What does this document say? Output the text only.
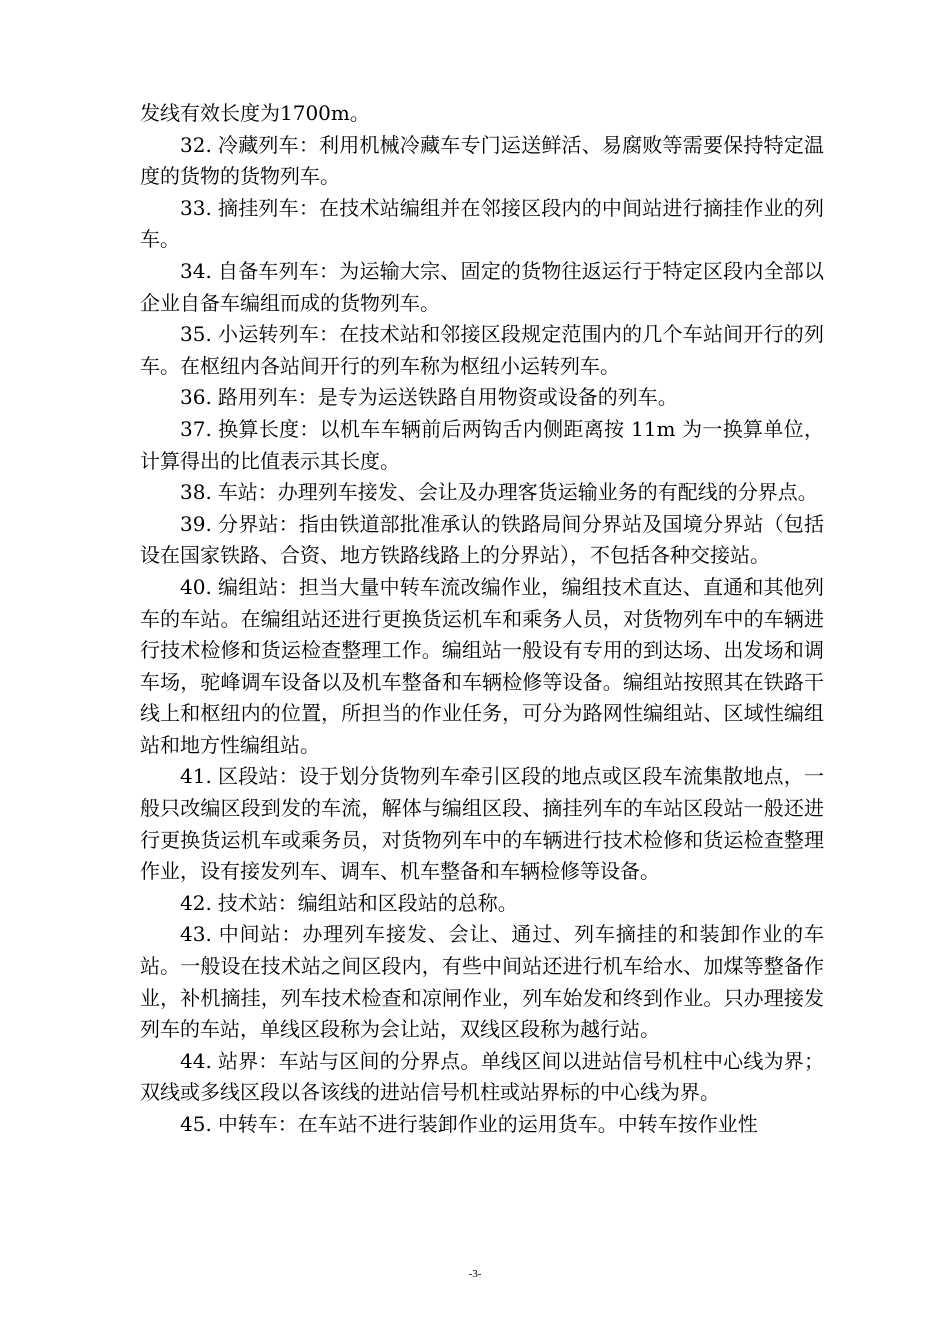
发线有效长度为1700m。

32. 冷藏列车：利用机械冷藏车专门运送鲜活、易腐败等需要保持特定温度的货物的货物列车。

33. 摘挂列车：在技术站编组并在邻接区段内的中间站进行摘挂作业的列车。

34. 自备车列车：为运输大宗、固定的货物往返运行于特定区段内全部以企业自备车编组而成的货物列车。

35. 小运转列车：在技术站和邻接区段规定范围内的几个车站间开行的列车。在枢纽内各站间开行的列车称为枢纽小运转列车。

36. 路用列车：是专为运送铁路自用物资或设备的列车。

37. 换算长度：以机车车辆前后两钩舌内侧距离按 11m 为一换算单位，计算得出的比值表示其长度。

38. 车站：办理列车接发、会让及办理客货运输业务的有配线的分界点。

39. 分界站：指由铁道部批准承认的铁路局间分界站及国境分界站（包括设在国家铁路、合资、地方铁路线路上的分界站），不包括各种交接站。

40. 编组站：担当大量中转车流改编作业，编组技术直达、直通和其他列车的车站。在编组站还进行更换货运机车和乘务人员，对货物列车中的车辆进行技术检修和货运检查整理工作。编组站一般设有专用的到达场、出发场和调车场，驼峰调车设备以及机车整备和车辆检修等设备。编组站按照其在铁路干线上和枢纽内的位置，所担当的作业任务，可分为路网性编组站、区域性编组站和地方性编组站。

41. 区段站：设于划分货物列车牵引区段的地点或区段车流集散地点，一般只改编区段到发的车流，解体与编组区段、摘挂列车的车站区段站一般还进行更换货运机车或乘务员，对货物列车中的车辆进行技术检修和货运检查整理作业，设有接发列车、调车、机车整备和车辆检修等设备。

42. 技术站：编组站和区段站的总称。

43. 中间站：办理列车接发、会让、通过、列车摘挂的和装卸作业的车站。一般设在技术站之间区段内，有些中间站还进行机车给水、加煤等整备作业，补机摘挂，列车技术检查和凉闸作业，列车始发和终到作业。只办理接发列车的车站，单线区段称为会让站，双线区段称为越行站。

44. 站界：车站与区间的分界点。单线区间以进站信号机柱中心线为界；双线或多线区段以各该线的进站信号机柱或站界标的中心线为界。

45. 中转车：在车站不进行装卸作业的运用货车。中转车按作业性

-3-
